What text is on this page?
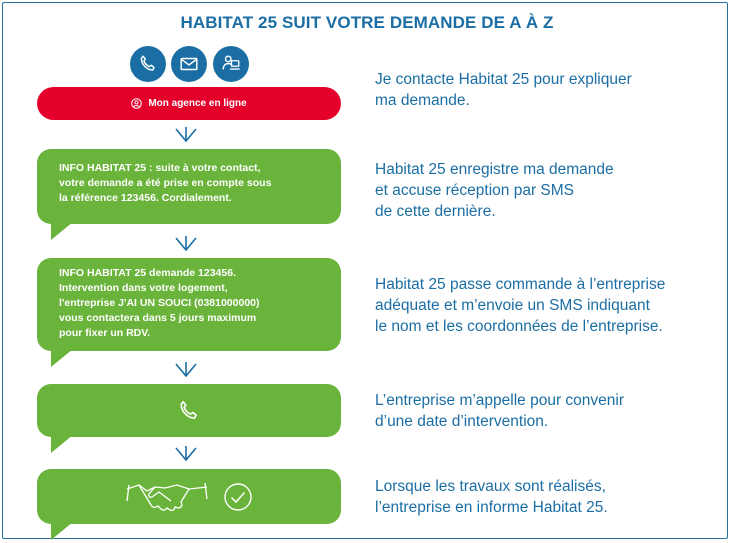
HABITAT 25 SUIT VOTRE DEMANDE DE A À Z
Mon agence en ligne
INFO HABITAT 25 : suite à votre contact,
votre demande a été prise en compte sous
la référence 123456. Cordialement.
INFO HABITAT 25 demande 123456.
Intervention dans votre logement,
l'entreprise J'AI UN SOUCI (0381000000)
vous contactera dans 5 jours maximum
pour fixer un RDV.
Je contacte Habitat 25 pour expliquer
ma demande.
Habitat 25 enregistre ma demande
et accuse réception par SMS
de cette dernière.
Habitat 25 passe commande à l’entreprise
adéquate et m’envoie un SMS indiquant
le nom et les coordonnées de l’entreprise.
L’entreprise m’appelle pour convenir
d’une date d’intervention.
Lorsque les travaux sont réalisés,
l’entreprise en informe Habitat 25.
